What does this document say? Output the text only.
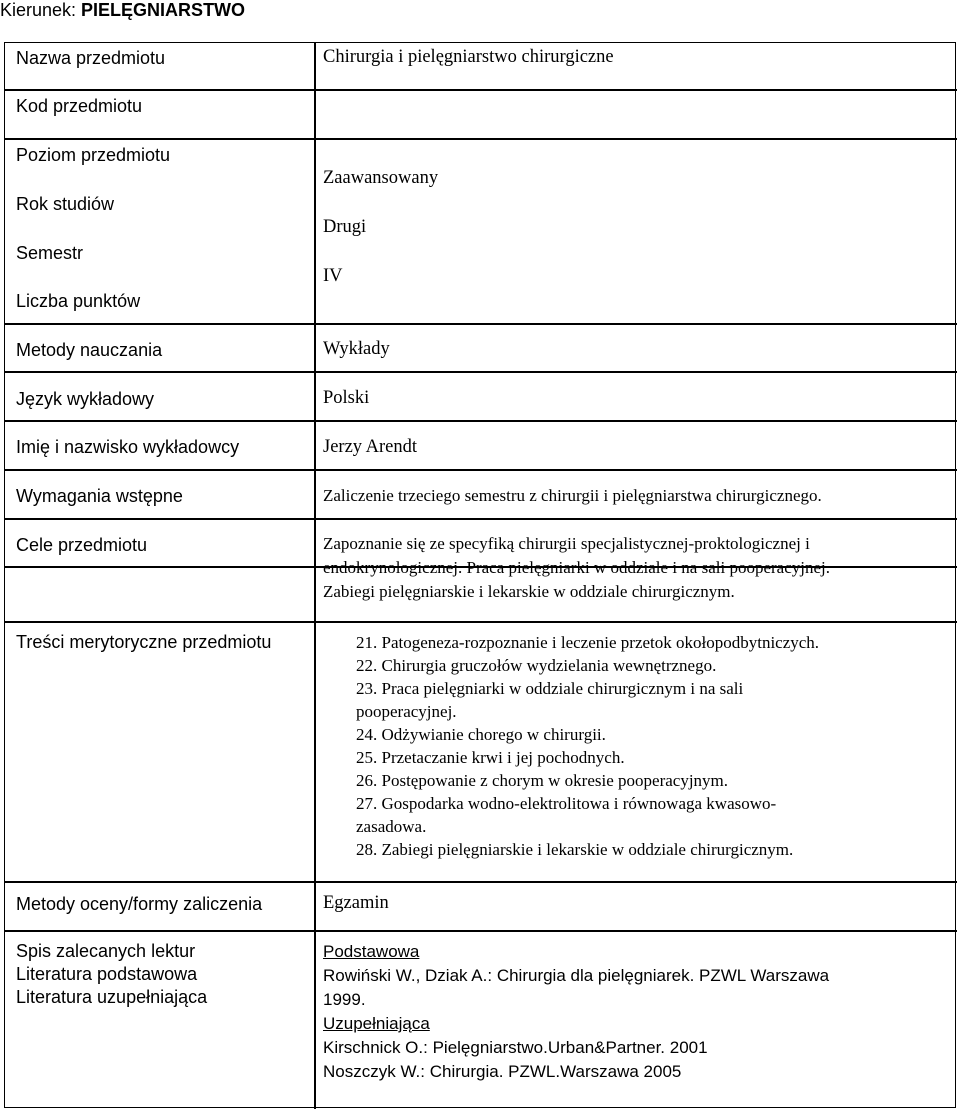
Kierunek: PIELĘGNIARSTWO
Nazwa przedmiotu
Kod przedmiotu
Poziom przedmiotu
Rok studiów
Semestr
Liczba punktów
Metody nauczania
Język wykładowy
Imię i nazwisko wykładowcy
Wymagania wstępne
Cele przedmiotu
Treści merytoryczne przedmiotu
Metody oceny/formy zaliczenia
Spis zalecanych lektur
Literatura podstawowa
Literatura uzupełniająca
Chirurgia i pielęgniarstwo chirurgiczne
Zaawansowany
Drugi
IV
Wykłady
Polski
Jerzy Arendt
Zaliczenie trzeciego semestru z chirurgii i pielęgniarstwa chirurgicznego.
Zapoznanie się ze specyfiką chirurgii specjalistycznej-proktologicznej i
endokrynologicznej. Praca pielęgniarki w oddziale i na sali pooperacyjnej.
Zabiegi pielęgniarskie i lekarskie w oddziale chirurgicznym.
21. Patogeneza-rozpoznanie i leczenie przetok okołopodbytniczych.
22. Chirurgia gruczołów wydzielania wewnętrznego.
23. Praca pielęgniarki w oddziale chirurgicznym i na sali
pooperacyjnej.
24. Odżywianie chorego w chirurgii.
25. Przetaczanie krwi i jej pochodnych.
26. Postępowanie z chorym w okresie pooperacyjnym.
27. Gospodarka wodno-elektrolitowa i równowaga kwasowo-
zasadowa.
28. Zabiegi pielęgniarskie i lekarskie w oddziale chirurgicznym.
Egzamin
Podstawowa
Rowiński W., Dziak A.: Chirurgia dla pielęgniarek. PZWL Warszawa
1999.
Uzupełniająca
Kirschnick O.: Pielęgniarstwo.Urban&Partner. 2001
Noszczyk W.: Chirurgia. PZWL.Warszawa 2005
